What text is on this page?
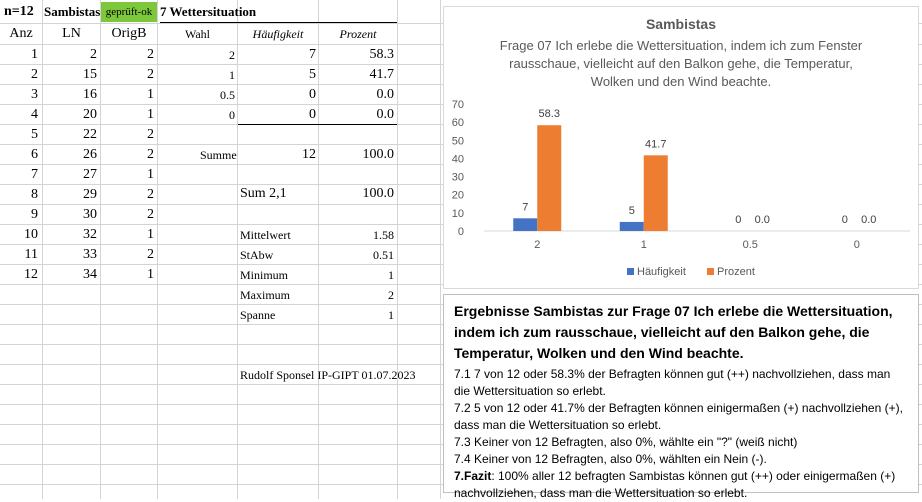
n=12 Sambistas geprüft-ok 7 Wettersituation
Anz	LN	OrigB	Wahl	Häufigkeit	Prozent
1	2	2
2	15	2
3	16	1
4	20	1
5	22	2
6	26	2
7	27	1
8	29	2
9	30	2
10	32	1
11	33	2
12	34	1
2	7	58.3
1	5	41.7
0.5	0	0.0
0	0	0.0
Summe	12	100.0
Sum 2,1	100.0
Mittelwert	1.58
StAbw	0.51
Minimum	1
Maximum	2
Spanne	1
Rudolf Sponsel IP-GIPT 01.07.2023
Sambistas
Frage 07 Ich erlebe die Wettersituation, indem ich zum Fenster
rausschaue, vielleicht auf den Balkon gehe, die Temperatur,
Wolken und den Wind beachte.
0
10
20
30
40
50
60
70
2
7
58.3
1
5
41.7
0.5
0 0.0
0
0 0.0
Häufigkeit	Prozent
Ergebnisse Sambistas zur Frage 07 Ich erlebe die Wettersituation, indem ich zum rausschaue, vielleicht auf den Balkon gehe, die Temperatur, Wolken und den Wind beachte.

7.1 7 von 12 oder 58.3% der Befragten können gut (++) nachvollziehen, dass man die Wettersituation so erlebt.

7.2 5 von 12 oder 41.7% der Befragten können einigermaßen (+) nachvollziehen (+), dass man die Wettersituation so erlebt.

7.3 Keiner von 12 Befragten, also 0%, wählte ein "?" (weiß nicht)

7.4 Keiner von 12 Befragten, also 0%, wählten ein Nein (-).

7.Fazit: 100% aller 12 befragten Sambistas können gut (++) oder einigermaßen (+) nachvollziehen, dass man die Wettersituation so erlebt.
